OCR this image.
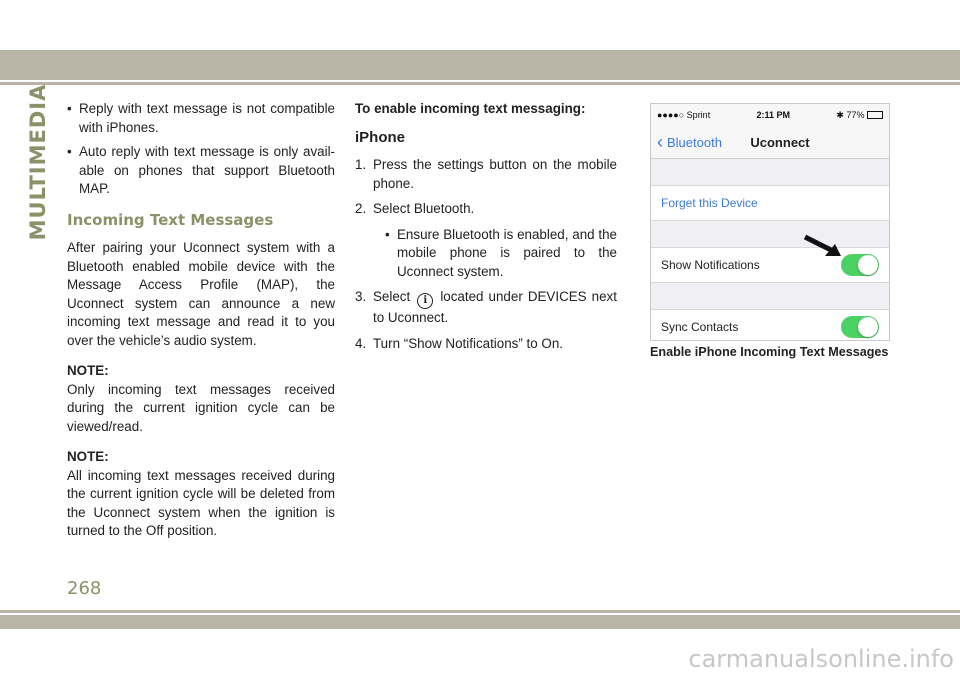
MULTIMEDIA • Reply with text message is not compatible with iPhones.
• Auto reply with text message is only avail- able on phones that support Bluetooth MAP.
Incoming Text Messages

After pairing your Uconnect system with a Bluetooth enabled mobile device with the Message Access Profile (MAP), the Uconnect system can announce a new incoming text message and read it to you over the vehicle’s audio system.

NOTE:
Only incoming text messages received during the current ignition cycle can be viewed/read.
NOTE:
All incoming text messages received during the current ignition cycle will be deleted from the Uconnect system when the ignition is turned to the Off position.
To enable incoming text messaging:
iPhone
1. Press the settings button on the mobile phone.
2. Select Bluetooth.
• Ensure Bluetooth is enabled, and the mobile phone is paired to the Uconnect system.
3. Select i located under DEVICES next to Uconnect.
4. Turn “Show Notifications” to On.
●●●●○ Sprint	2:11 PM	✱ 77%
‹ Bluetooth	Uconnect
Forget this Device
Show Notifications
Sync Contacts
Enable iPhone Incoming Text Messages
268
carmanualsonline.info
